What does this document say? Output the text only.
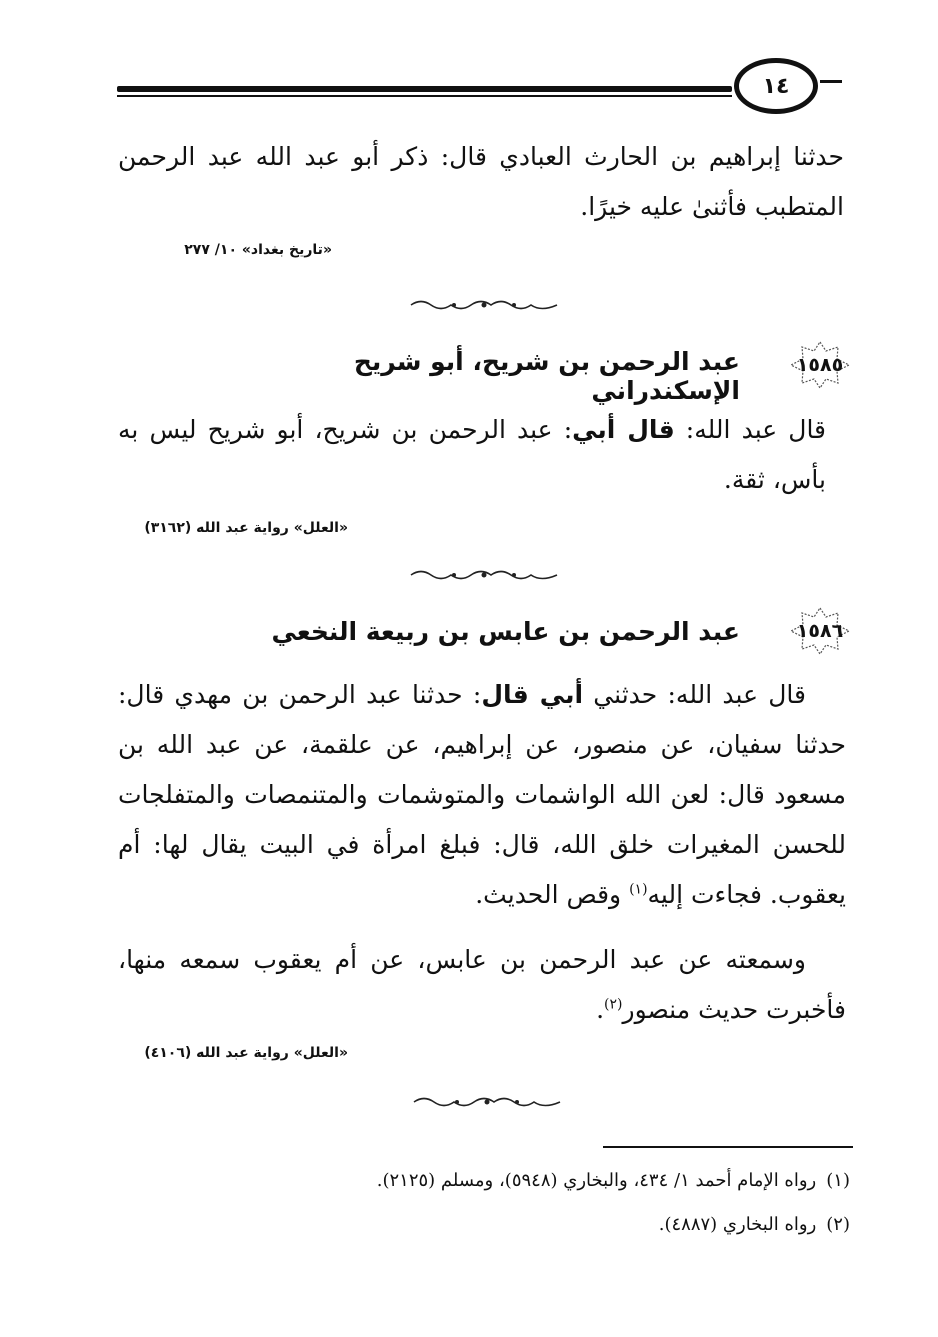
١٤
حدثنا إبراهيم بن الحارث العبادي قال: ذكر أبو عبد الله عبد الرحمن المتطبب فأثنىٰ عليه خيرًا.
«تاريخ بغداد» ١٠/ ٢٧٧
١٥٨٥
عبد الرحمن بن شريح، أبو شريح الإسكندراني
قال عبد الله: قال أبي: عبد الرحمن بن شريح، أبو شريح ليس به بأس، ثقة.
«العلل» رواية عبد الله (٣١٦٢)
١٥٨٦
عبد الرحمن بن عابس بن ربيعة النخعي
قال عبد الله: حدثني أبي قال: حدثنا عبد الرحمن بن مهدي قال: حدثنا سفيان، عن منصور، عن إبراهيم، عن علقمة، عن عبد الله بن مسعود قال: لعن الله الواشمات والمتوشمات والمتنمصات والمتفلجات للحسن المغيرات خلق الله، قال: فبلغ امرأة في البيت يقال لها: أم يعقوب. فجاءت إليه$^{(١)}$ وقص الحديث.
وسمعته عن عبد الرحمن بن عابس، عن أم يعقوب سمعه منها، فأخبرت حديث منصور$^{(٢)}$.
«العلل» رواية عبد الله (٤١٠٦)
(١)رواه الإمام أحمد ١/ ٤٣٤، والبخاري (٥٩٤٨)، ومسلم (٢١٢٥).
(٢)رواه البخاري (٤٨٨٧).
